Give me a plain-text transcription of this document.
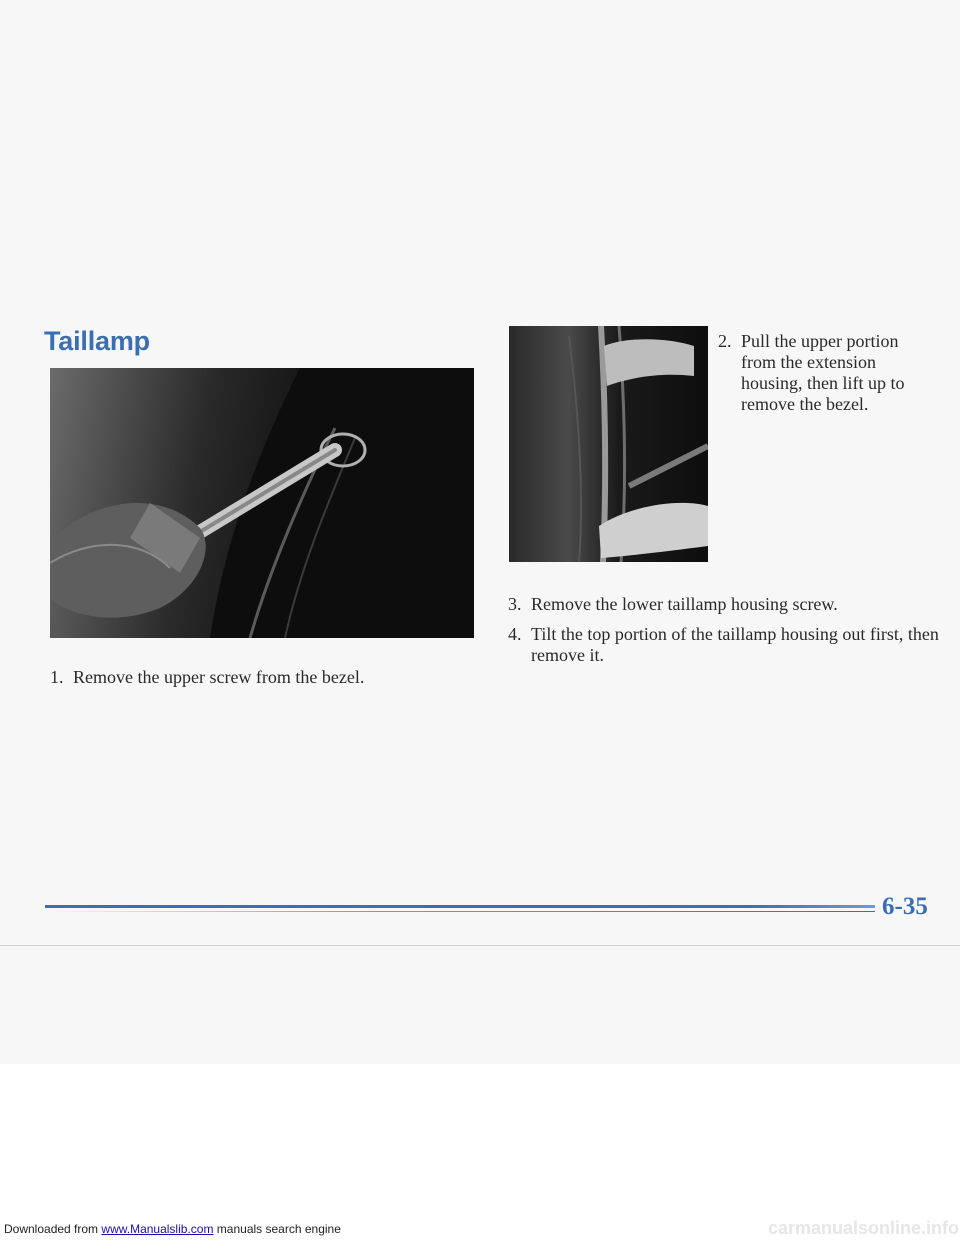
Taillamp

1. Remove the upper screw from the bezel.

2. Pull the upper portion from the extension housing, then lift up to remove the bezel.

3. Remove the lower taillamp housing screw.

4. Tilt the top portion of the taillamp housing out first, then remove it.

6-35

Downloaded from www.Manualslib.com manuals search engine	carmanualsonline.info
